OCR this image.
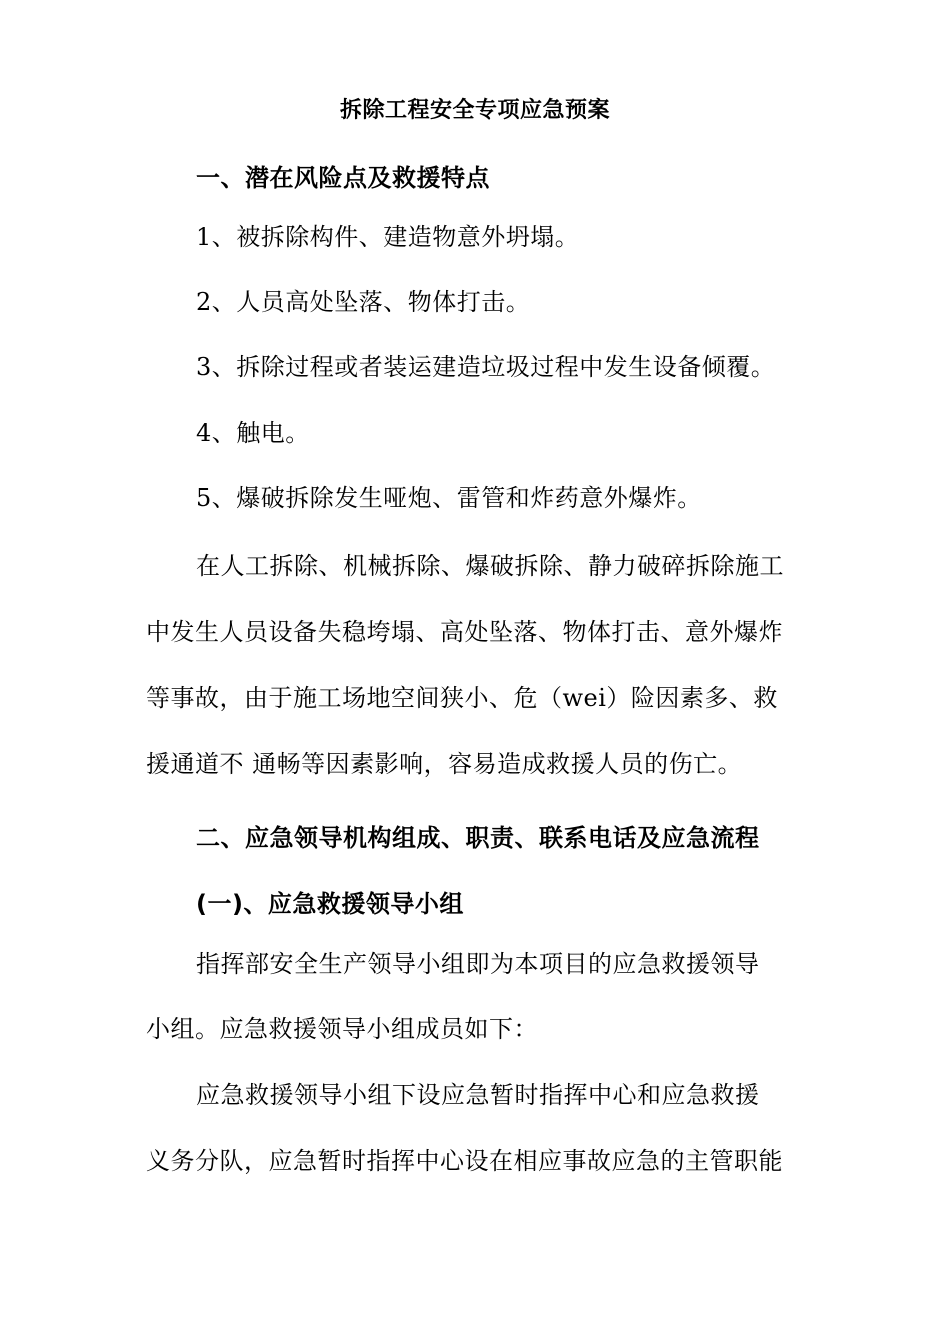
拆除工程安全专项应急预案
一、潜在风险点及救援特点
1、被拆除构件、建造物意外坍塌。
2、人员高处坠落、物体打击。
3、拆除过程或者装运建造垃圾过程中发生设备倾覆。
4、触电。
5、爆破拆除发生哑炮、雷管和炸药意外爆炸。
在人工拆除、机械拆除、爆破拆除、静力破碎拆除施工
中发生人员设备失稳垮塌、高处坠落、物体打击、意外爆炸
等事故，由于施工场地空间狭小、危（wei）险因素多、救
援通道不 通畅等因素影响，容易造成救援人员的伤亡。
二、应急领导机构组成、职责、联系电话及应急流程
(一)、应急救援领导小组
指挥部安全生产领导小组即为本项目的应急救援领导
小组。应急救援领导小组成员如下：
应急救援领导小组下设应急暂时指挥中心和应急救援
义务分队，应急暂时指挥中心设在相应事故应急的主管职能
